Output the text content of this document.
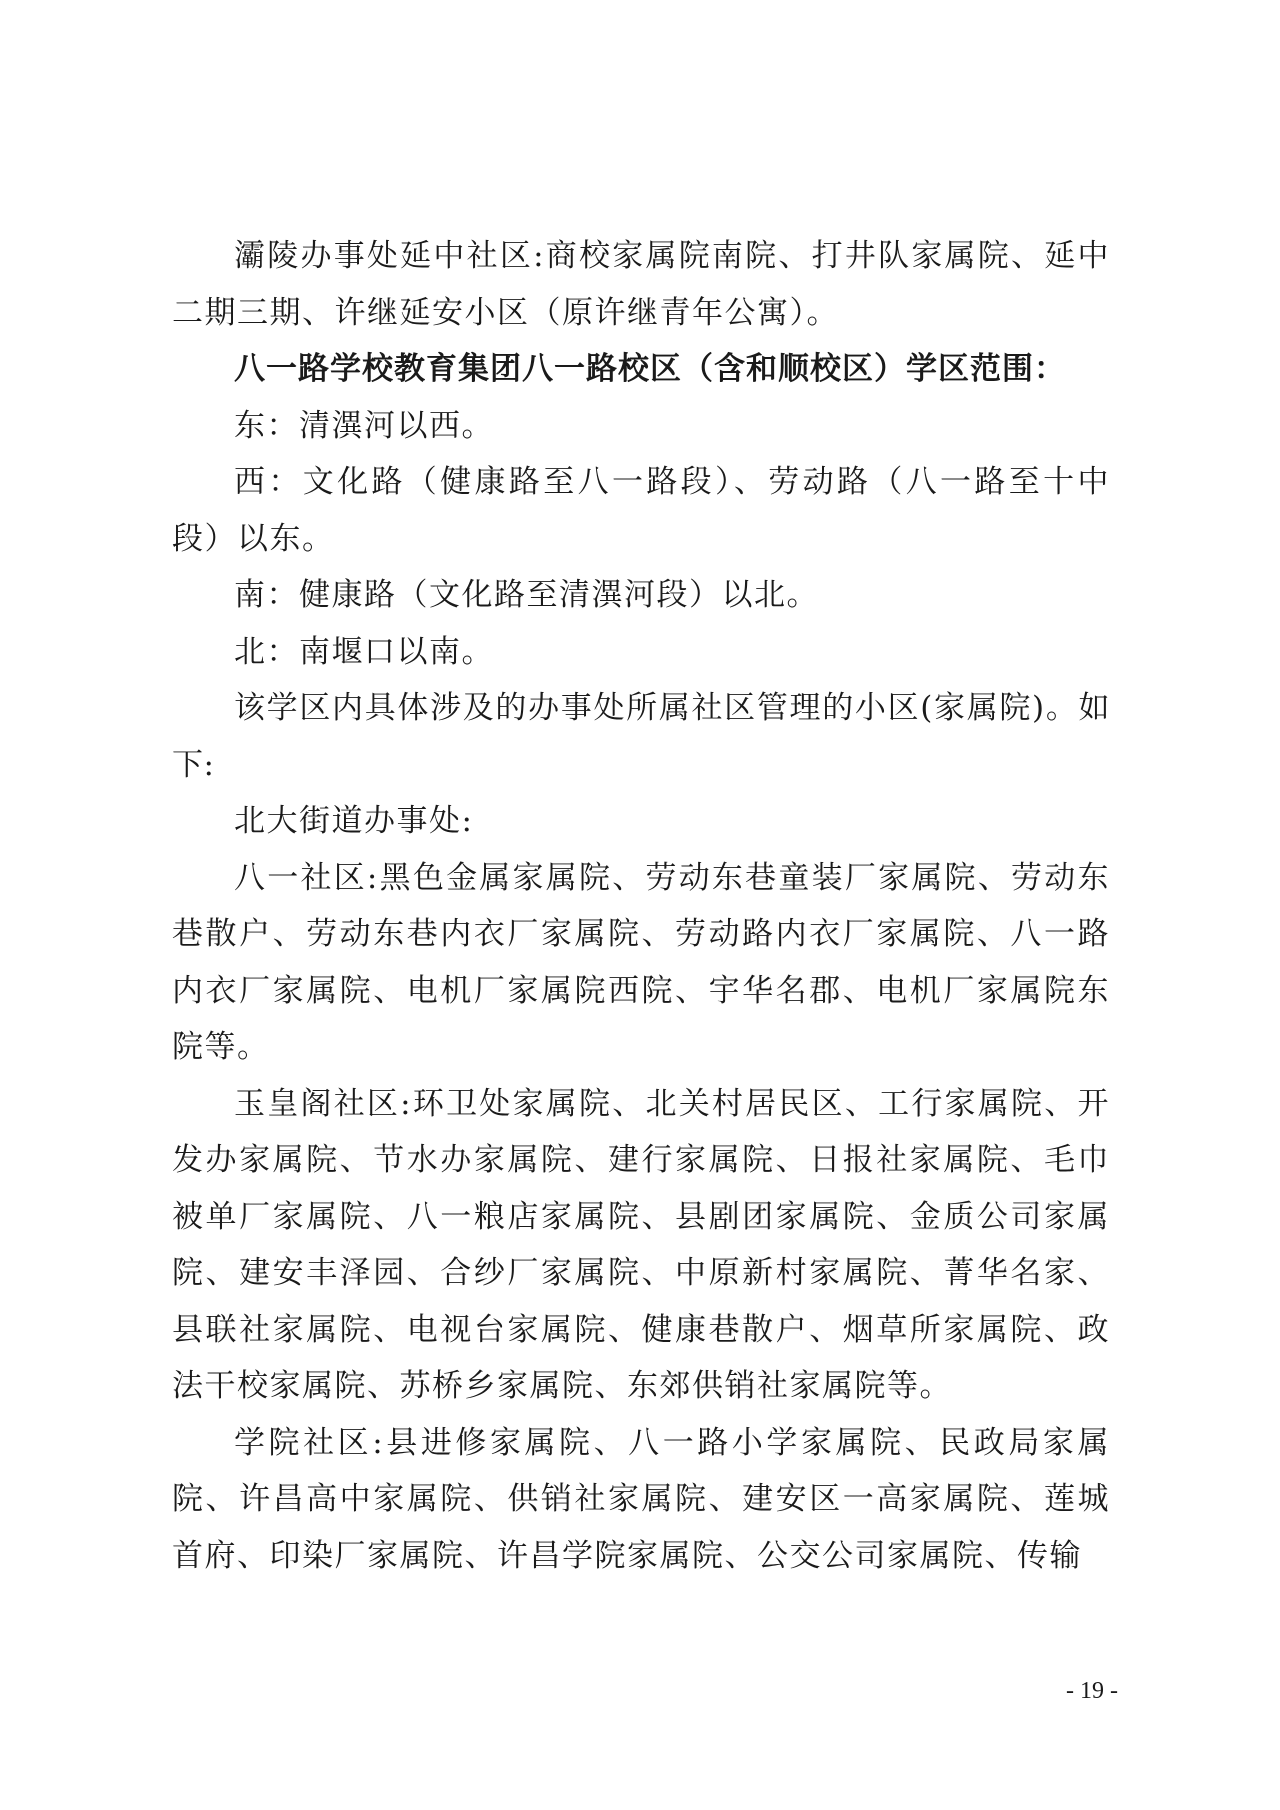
灞陵办事处延中社区:商校家属院南院、打井队家属院、延中二期三期、许继延安小区（原许继青年公寓）。

八一路学校教育集团八一路校区（含和顺校区）学区范围：

东：清潩河以西。

西：文化路（健康路至八一路段）、劳动路（八一路至十中段）以东。

南：健康路（文化路至清潩河段）以北。

北：南堰口以南。

该学区内具体涉及的办事处所属社区管理的小区(家属院)。如下:

北大街道办事处:

八一社区:黑色金属家属院、劳动东巷童装厂家属院、劳动东巷散户、劳动东巷内衣厂家属院、劳动路内衣厂家属院、八一路内衣厂家属院、电机厂家属院西院、宇华名郡、电机厂家属院东院等。

玉皇阁社区:环卫处家属院、北关村居民区、工行家属院、开发办家属院、节水办家属院、建行家属院、日报社家属院、毛巾被单厂家属院、八一粮店家属院、县剧团家属院、金质公司家属院、建安丰泽园、合纱厂家属院、中原新村家属院、菁华名家、县联社家属院、电视台家属院、健康巷散户、烟草所家属院、政法干校家属院、苏桥乡家属院、东郊供销社家属院等。

学院社区:县进修家属院、八一路小学家属院、民政局家属院、许昌高中家属院、供销社家属院、建安区一高家属院、莲城首府、印染厂家属院、许昌学院家属院、公交公司家属院、传输

- 19 -
